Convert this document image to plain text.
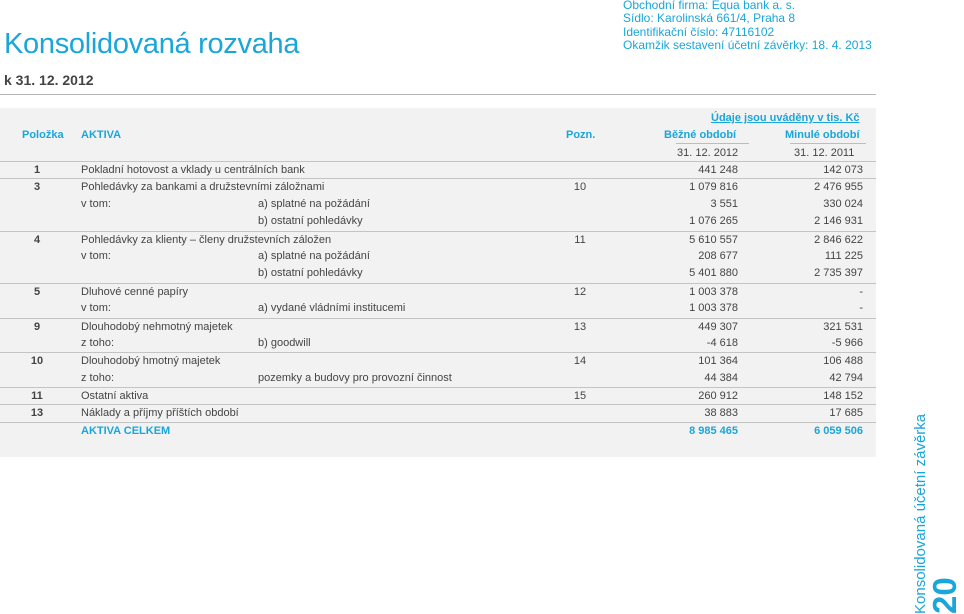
Konsolidovaná rozvaha
Obchodní firma: Equa bank a. s.
Sídlo: Karolinská 661/4, Praha 8
Identifikační číslo: 47116102
Okamžik sestavení účetní závěrky: 18. 4. 2013
k 31. 12. 2012
Údaje jsou uváděny v tis. Kč
Položka AKTIVA	Pozn.	Běžné období	Minulé období
31. 12. 2012	31. 12. 2011
1	Pokladní hotovost a vklady u centrálních bank	441 248	142 073
3	Pohledávky za bankami a družstevními záložnami	10	1 079 816	2 476 955
v tom:	a) splatné na požádání	3 551	330 024
b) ostatní pohledávky	1 076 265	2 146 931
4	Pohledávky za klienty – členy družstevních záložen	11	5 610 557	2 846 622
v tom:	a) splatné na požádání	208 677	111 225
b) ostatní pohledávky	5 401 880	2 735 397
5	Dluhové cenné papíry	12	1 003 378	-
v tom:	a) vydané vládními institucemi	1 003 378	-
9	Dlouhodobý nehmotný majetek	13	449 307	321 531
z toho:	b) goodwill	-4 618	-5 966
10	Dlouhodobý hmotný majetek	14	101 364	106 488
z toho:	pozemky a budovy pro provozní činnost	44 384	42 794
11	Ostatní aktiva	15	260 912	148 152
13	Náklady a příjmy příštích období	38 883	17 685
AKTIVA CELKEM	8 985 465	6 059 506	Konsolidovaná účetní závěrka
20
